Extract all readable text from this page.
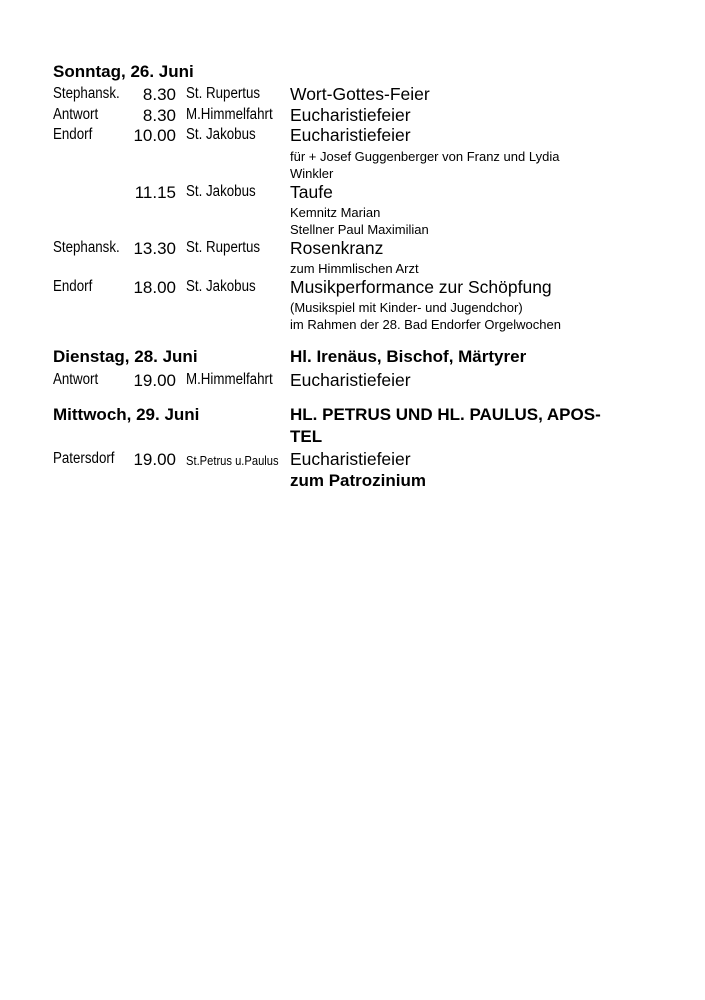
Sonntag, 26. Juni
Stephansk.	8.30 St. Rupertus Wort-Gottes-Feier
Antwort	8.30 M.Himmelfahrt Eucharistiefeier
Endorf	10.00 St. Jakobus Eucharistiefeier
für + Josef Guggenberger von Franz und Lydia
Winkler
11.15 St. Jakobus Taufe
Kemnitz Marian
Stellner Paul Maximilian
Stephansk. 13.30 St. Rupertus Rosenkranz
zum Himmlischen Arzt
Endorf	18.00 St. Jakobus Musikperformance zur Schöpfung
(Musikspiel mit Kinder- und Jugendchor)
im Rahmen der 28. Bad Endorfer Orgelwochen
Dienstag, 28. Juni	Hl. Irenäus, Bischof, Märtyrer
Antwort	19.00 M.Himmelfahrt Eucharistiefeier
Mittwoch, 29. Juni	HL. PETRUS UND HL. PAULUS, APOS-
TEL
Patersdorf	19.00 St.Petrus u.Paulus Eucharistiefeier
zum Patrozinium
